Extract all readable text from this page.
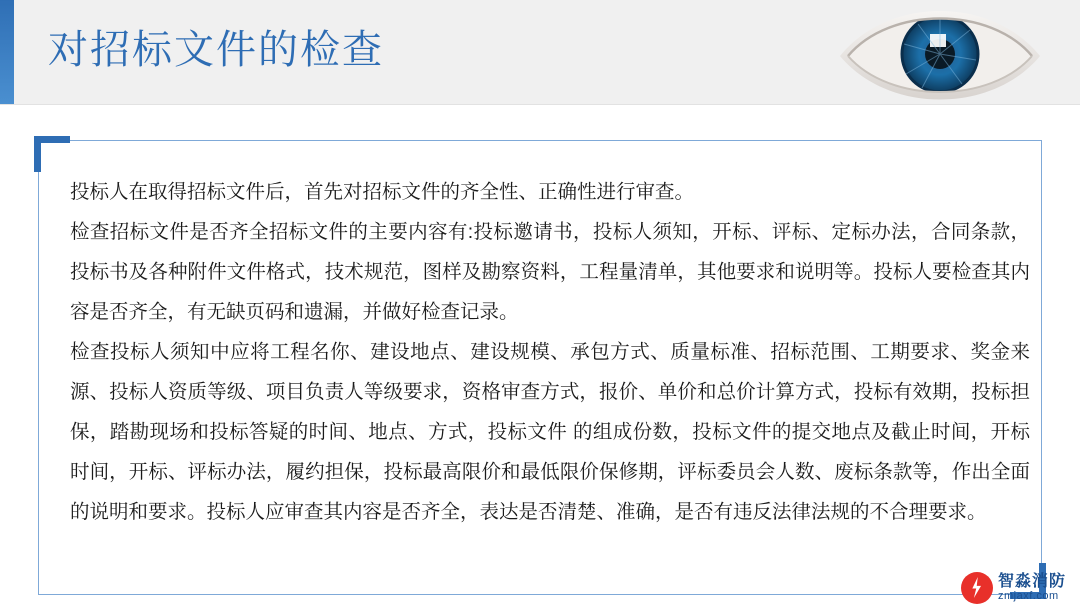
对招标文件的检查

投标人在取得招标文件后，首先对招标文件的齐全性、正确性进行审查。

检查招标文件是否齐全招标文件的主要内容有:投标邀请书，投标人须知，开标、评标、定标办法，合同条款，投标书及各种附件文件格式，技术规范，图样及勘察资料，工程量清单，其他要求和说明等。投标人要检查其内容是否齐全，有无缺页码和遗漏，并做好检查记录。

检查投标人须知中应将工程名你、建设地点、建设规模、承包方式、质量标准、招标范围、工期要求、奖金来源、投标人资质等级、项目负责人等级要求，资格审查方式，报价、单价和总价计算方式，投标有效期，投标担保，踏勘现场和投标答疑的时间、地点、方式，投标文件 的组成份数，投标文件的提交地点及截止时间，开标时间，开标、评标办法，履约担保，投标最高限价和最低限价保修期，评标委员会人数、废标条款等，作出全面的说明和要求。投标人应审查其内容是否齐全，表达是否清楚、准确，是否有违反法律法规的不合理要求。

智淼消防
zmjaxf.com
